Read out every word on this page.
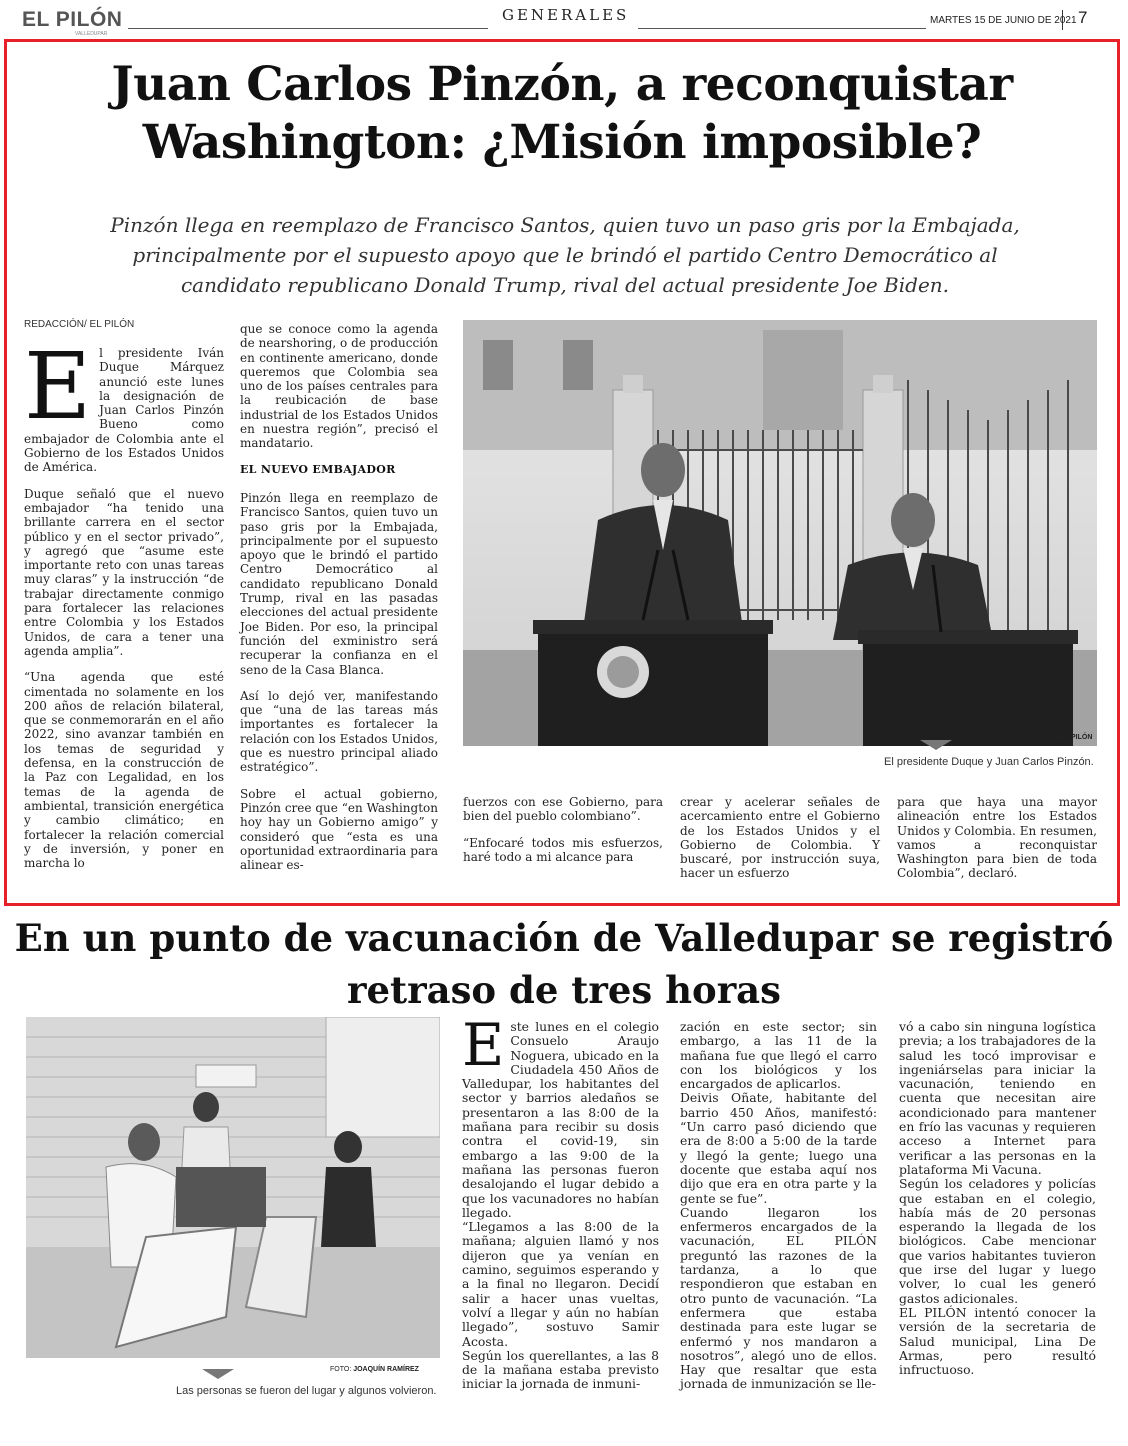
EL PILÓN
VALLEDUPAR
GENERALES	MARTES 15 DE JUNIO DE 2021 7
Juan Carlos Pinzón, a reconquistar
Washington: ¿Misión imposible?
Pinzón llega en reemplazo de Francisco Santos, quien tuvo un paso gris por la Embajada,
principalmente por el supuesto apoyo que le brindó el partido Centro Democrático al
candidato republicano Donald Trump, rival del actual presidente Joe Biden.
REDACCIÓN/ EL PILÓN

El presidente Iván Duque Márquez anunció este lunes la designación de Juan Carlos Pinzón Bueno como embajador de Colombia ante el Gobierno de los Estados Unidos de América.

Duque señaló que el nuevo embajador “ha tenido una brillante carrera en el sector público y en el sector privado”, y agregó que “asume este importante reto con unas tareas muy claras” y la instrucción “de trabajar directamente conmigo para fortalecer las relaciones entre Colombia y los Estados Unidos, de cara a tener una agenda amplia”.

“Una agenda que esté cimentada no solamente en los 200 años de relación bilateral, que se conmemorarán en el año 2022, sino avanzar también en los temas de seguridad y defensa, en la construcción de la Paz con Legalidad, en los temas de la agenda de ambiental, transición energética y cambio climático; en fortalecer la relación comercial y de inversión, y poner en marcha lo

que se conoce como la agenda de nearshoring, o de producción en continente americano, donde queremos que Colombia sea uno de los países centrales para la reubicación de base industrial de los Estados Unidos en nuestra región”, precisó el mandatario.

EL NUEVO EMBAJADOR

Pinzón llega en reemplazo de Francisco Santos, quien tuvo un paso gris por la Embajada, principalmente por el supuesto apoyo que le brindó el partido Centro Democrático al candidato republicano Donald Trump, rival en las pasadas elecciones del actual presidente Joe Biden. Por eso, la principal función del exministro será recuperar la confianza en el seno de la Casa Blanca.

Así lo dejó ver, manifestando que “una de las tareas más importantes es fortalecer la relación con los Estados Unidos, que es nuestro principal aliado estratégico”.

Sobre el actual gobierno, Pinzón cree que “en Washington hoy hay un Gobierno amigo” y consideró que “esta es una oportunidad extraordinaria para alinear es-

FOTO: EL PILÓN
El presidente Duque y Juan Carlos Pinzón.

fuerzos con ese Gobierno, para bien del pueblo colombiano”.

“Enfocaré todos mis esfuerzos, haré todo a mi alcance para

crear y acelerar señales de acercamiento entre el Gobierno de los Estados Unidos y el Gobierno de Colombia. Y buscaré, por instrucción suya, hacer un esfuerzo

para que haya una mayor alineación entre los Estados Unidos y Colombia. En resumen, vamos a reconquistar Washington para bien de toda Colombia”, declaró.

En un punto de vacunación de Valledupar se registró
retraso de tres horas
FOTO: JOAQUÍN RAMÍREZ
Las personas se fueron del lugar y algunos volvieron.
Este lunes en el colegio Consuelo Araujo Noguera, ubicado en la Ciudadela 450 Años de Valledupar, los habitantes del sector y barrios aledaños se presentaron a las 8:00 de la mañana para recibir su dosis contra el covid-19, sin embargo a las 9:00 de la mañana las personas fueron desalojando el lugar debido a que los vacunadores no habían llegado.
“Llegamos a las 8:00 de la mañana; alguien llamó y nos dijeron que ya venían en camino, seguimos esperando y a la final no llegaron. Decidí salir a hacer unas vueltas, volví a llegar y aún no habían llegado”, sostuvo Samir Acosta.
Según los querellantes, a las 8 de la mañana estaba previsto iniciar la jornada de inmuni-
zación en este sector; sin embargo, a las 11 de la mañana fue que llegó el carro con los biológicos y los encargados de aplicarlos.
Deivis Oñate, habitante del barrio 450 Años, manifestó: “Un carro pasó diciendo que era de 8:00 a 5:00 de la tarde y llegó la gente; luego una docente que estaba aquí nos dijo que era en otra parte y la gente se fue”.
Cuando llegaron los enfermeros encargados de la vacunación, EL PILÓN preguntó las razones de la tardanza, a lo que respondieron que estaban en otro punto de vacunación. “La enfermera que estaba destinada para este lugar se enfermó y nos mandaron a nosotros”, alegó uno de ellos. Hay que resaltar que esta jornada de inmunización se lle-
vó a cabo sin ninguna logística previa; a los trabajadores de la salud les tocó improvisar e ingeniárselas para iniciar la vacunación, teniendo en cuenta que necesitan aire acondicionado para mantener en frío las vacunas y requieren acceso a Internet para verificar a las personas en la plataforma Mi Vacuna.
Según los celadores y policías que estaban en el colegio, había más de 20 personas esperando la llegada de los biológicos. Cabe mencionar que varios habitantes tuvieron que irse del lugar y luego volver, lo cual les generó gastos adicionales.
EL PILÓN intentó conocer la versión de la secretaria de Salud municipal, Lina De Armas, pero resultó infructuoso.
